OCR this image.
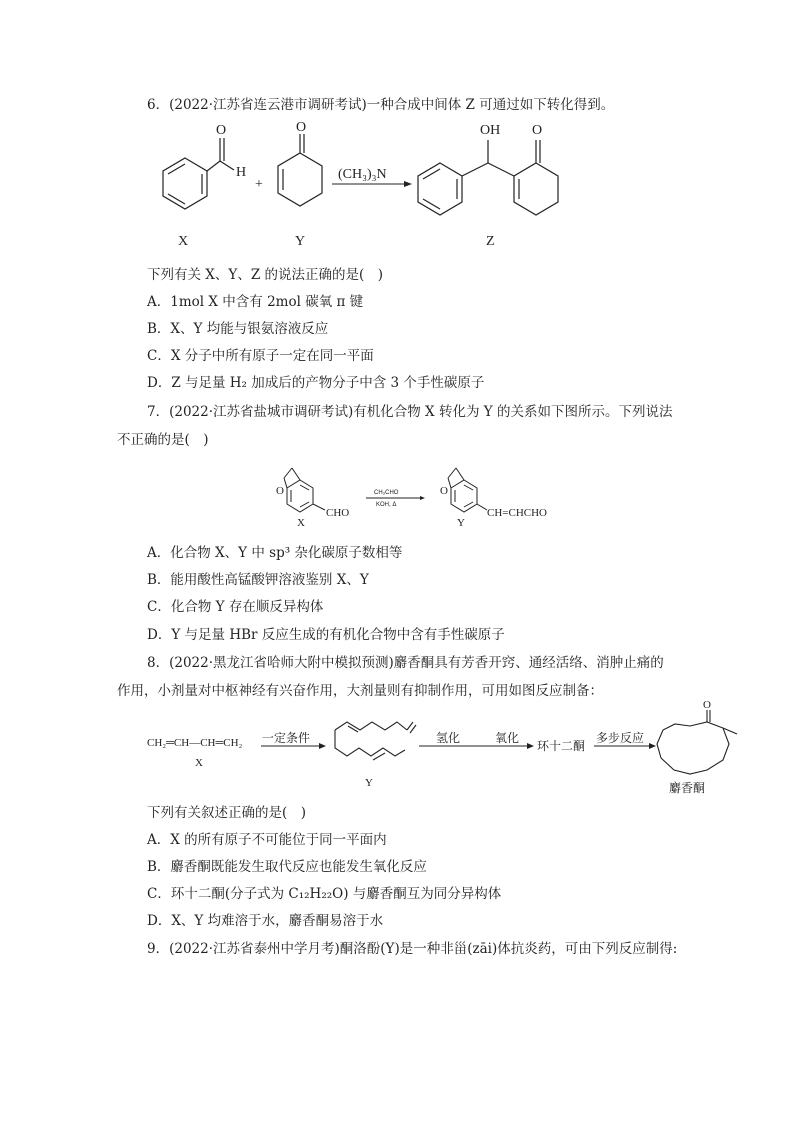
6．(2022·江苏省连云港市调研考试)一种合成中间体 Z 可通过如下转化得到。
O
H
+
O
(CH₃)₃N
OH O
X	Y	Z
下列有关 X、Y、Z 的说法正确的是(　)
A．1mol X 中含有 2mol 碳氧 π 键
B．X、Y 均能与银氨溶液反应
C．X 分子中所有原子一定在同一平面
D．Z 与足量 H₂ 加成后的产物分子中含 3 个手性碳原子
7．(2022·江苏省盐城市调研考试)有机化合物 X 转化为 Y 的关系如下图所示。下列说法
不正确的是(　)
O
CHO
X
CH₃CHO
KOH, Δ
O
CH=CHCHO
Y
A．化合物 X、Y 中 sp³ 杂化碳原子数相等
B．能用酸性高锰酸钾溶液鉴别 X、Y
C．化合物 Y 存在顺反异构体
D．Y 与足量 HBr 反应生成的有机化合物中含有手性碳原子
8．(2022·黑龙江省哈师大附中模拟预测)麝香酮具有芳香开窍、通经活络、消肿止痛的
作用，小剂量对中枢神经有兴奋作用，大剂量则有抑制作用，可用如图反应制备：
CH₂═CH—CH═CH₂
X
一定条件
Y
氢化	氧化
环十二酮
多步反应
O
麝香酮
下列有关叙述正确的是(　)
A．X 的所有原子不可能位于同一平面内
B．麝香酮既能发生取代反应也能发生氧化反应
C．环十二酮(分子式为 C₁₂H₂₂O) 与麝香酮互为同分异构体
D．X、Y 均难溶于水，麝香酮易溶于水
9．(2022·江苏省泰州中学月考)酮洛酚(Y)是一种非甾(zāi)体抗炎药，可由下列反应制得:
